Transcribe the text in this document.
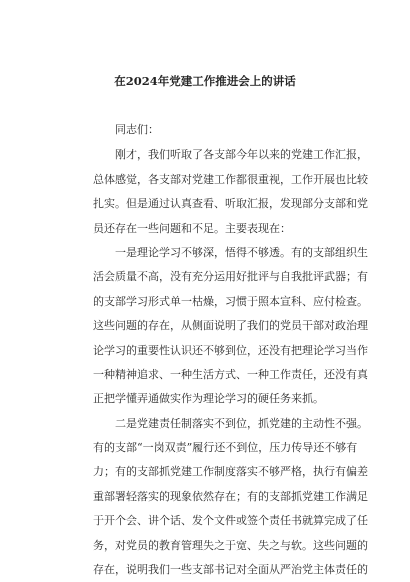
在2024年党建工作推进会上的讲话
同志们：
刚才，我们听取了各支部今年以来的党建工作汇报，
总体感觉，各支部对党建工作都很重视，工作开展也比较
扎实。但是通过认真查看、听取汇报，发现部分支部和党
员还存在一些问题和不足。主要表现在：
一是理论学习不够深，悟得不够透。有的支部组织生
活会质量不高，没有充分运用好批评与自我批评武器；有
的支部学习形式单一枯燥，习惯于照本宣科、应付检查。
这些问题的存在，从侧面说明了我们的党员干部对政治理
论学习的重要性认识还不够到位，还没有把理论学习当作
一种精神追求、一种生活方式、一种工作责任，还没有真
正把学懂弄通做实作为理论学习的硬任务来抓。
二是党建责任制落实不到位，抓党建的主动性不强。
有的支部“一岗双责”履行还不到位，压力传导还不够有
力；有的支部抓党建工作制度落实不够严格，执行有偏差
重部署轻落实的现象依然存在；有的支部抓党建工作满足
于开个会、讲个话、发个文件或签个责任书就算完成了任
务，对党员的教育管理失之于宽、失之与软。这些问题的
存在，说明我们一些支部书记对全面从严治党主体责任的
